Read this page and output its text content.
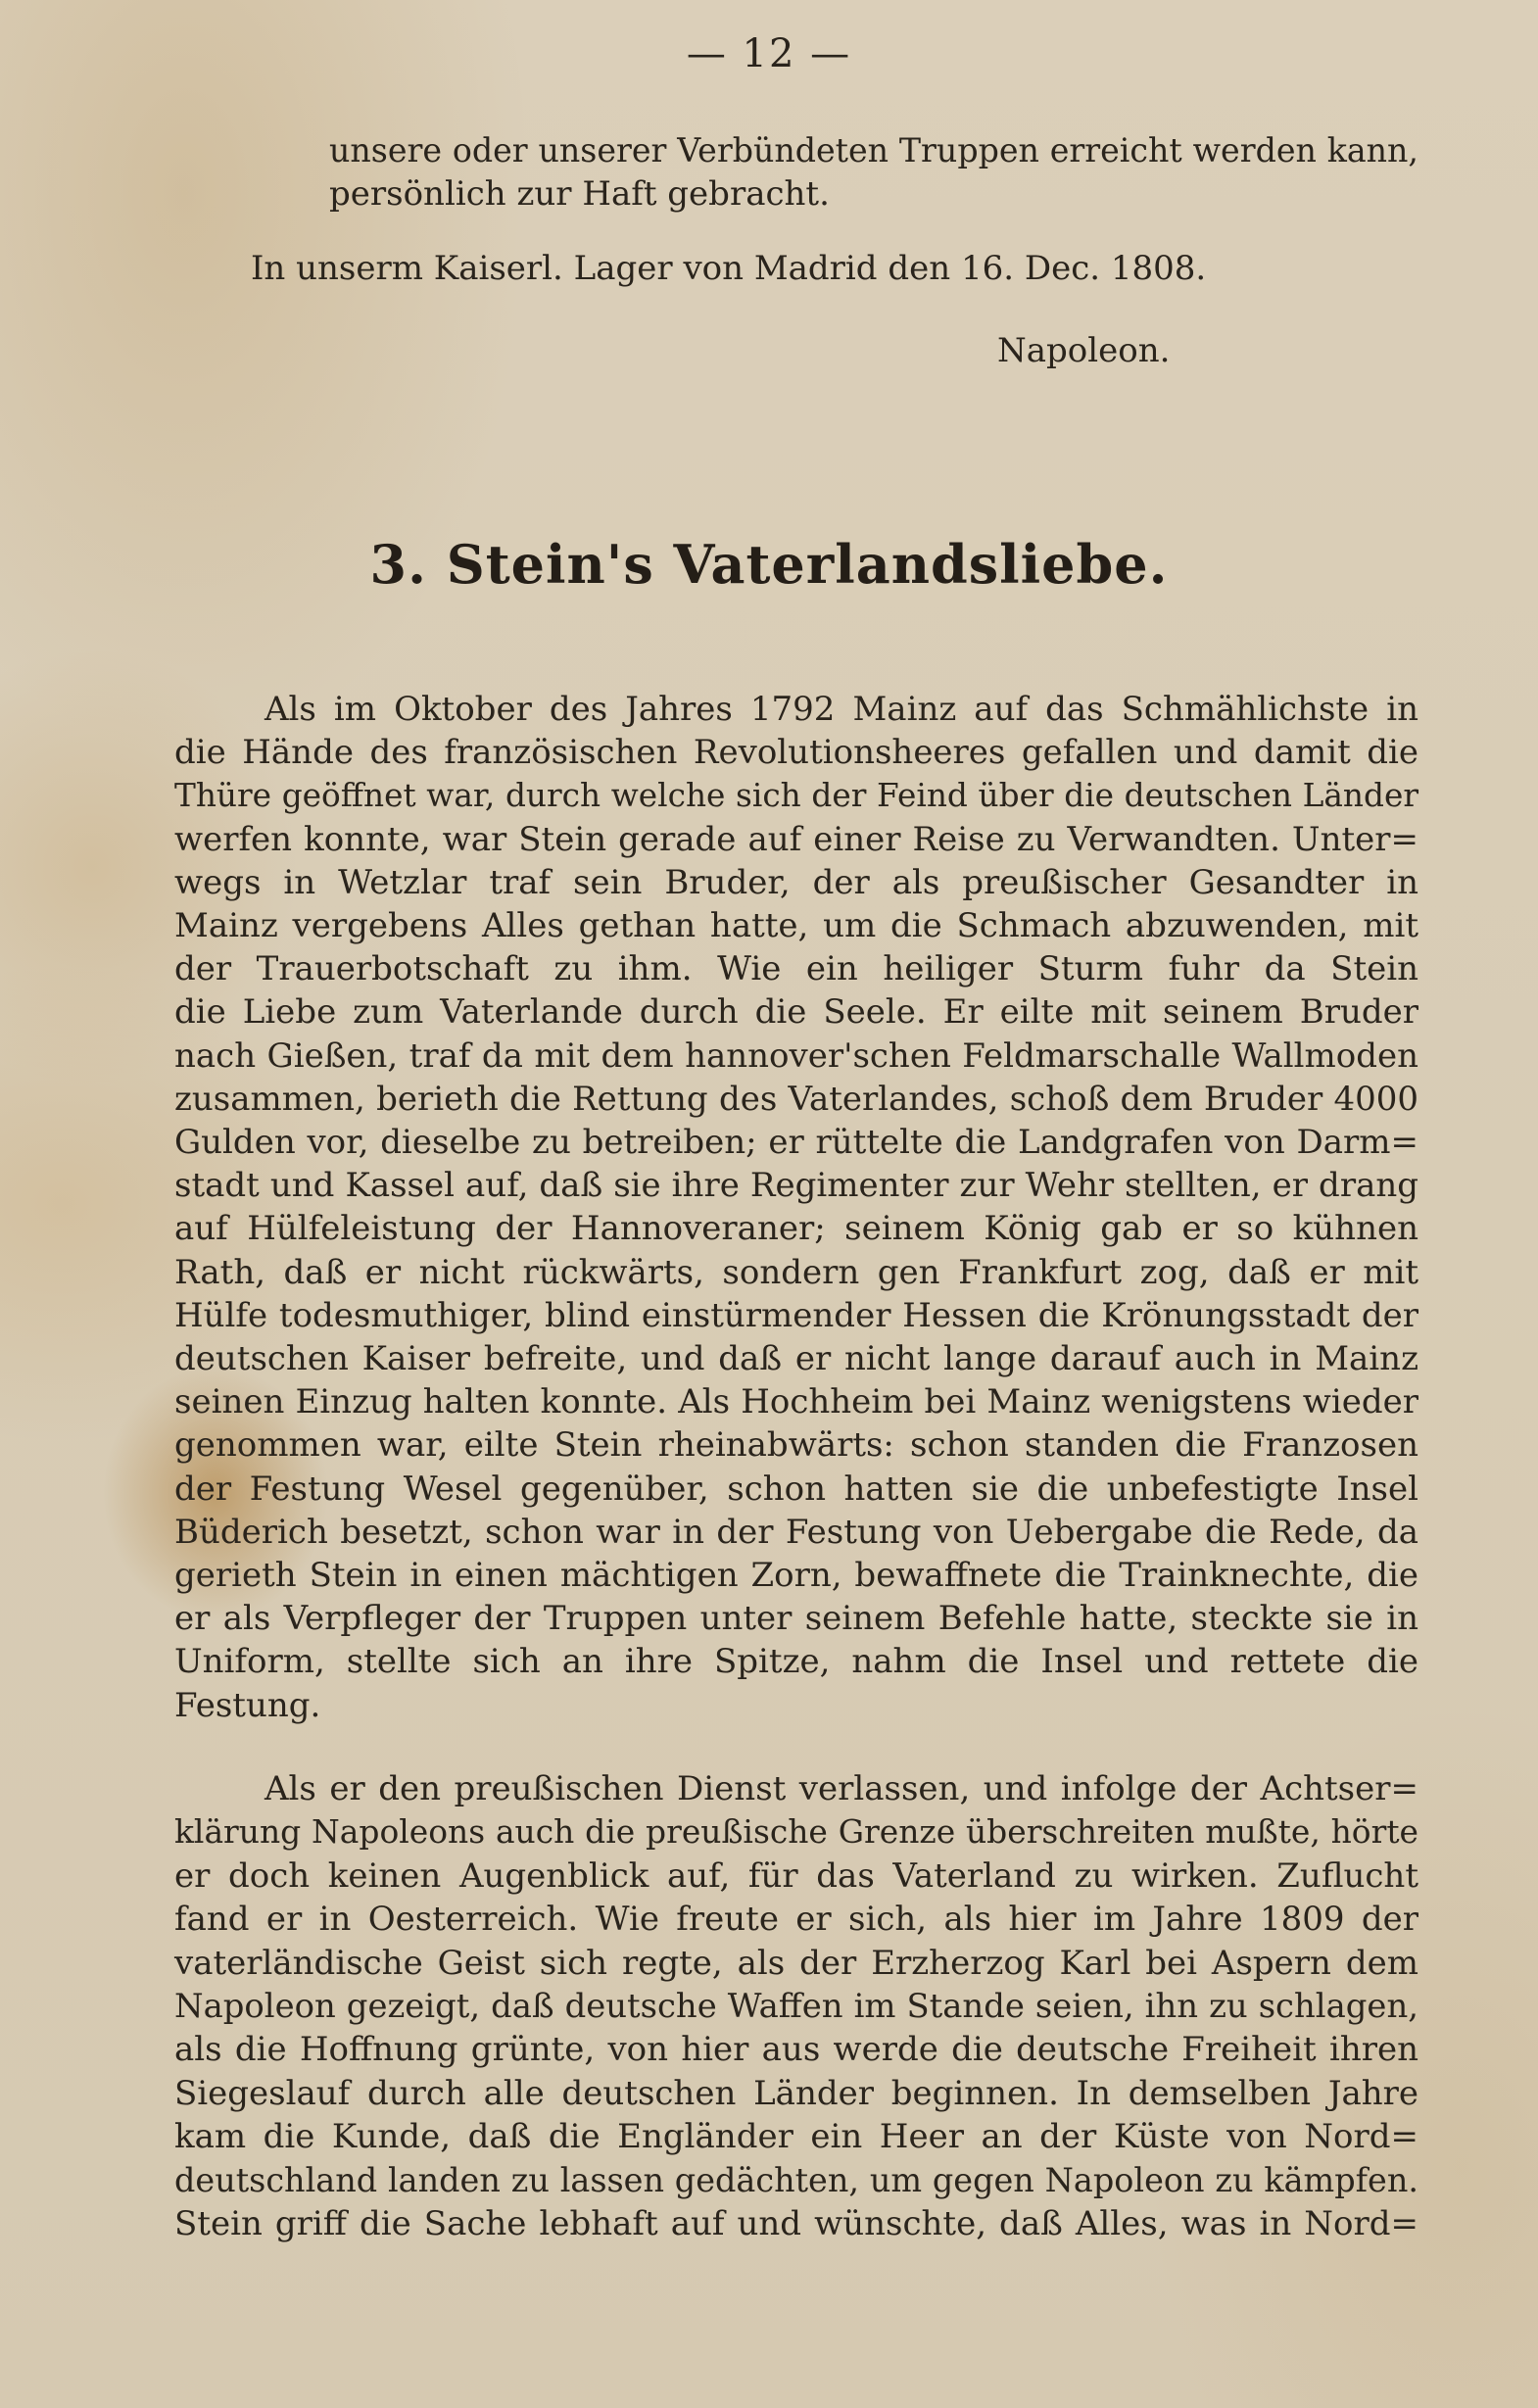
— 12 —
unsere oder unserer Verbündeten Truppen erreicht werden kann,
persönlich zur Haft gebracht.
In unserm Kaiserl. Lager von Madrid den 16. Dec. 1808.
Napoleon.
3. Stein's Vaterlandsliebe.
Als im Oktober des Jahres 1792 Mainz auf das Schmählichste in
die Hände des französischen Revolutionsheeres gefallen und damit die
Thüre geöffnet war, durch welche sich der Feind über die deutschen Länder
werfen konnte, war Stein gerade auf einer Reise zu Verwandten. Unter=
wegs in Wetzlar traf sein Bruder, der als preußischer Gesandter in
Mainz vergebens Alles gethan hatte, um die Schmach abzuwenden, mit
der Trauerbotschaft zu ihm. Wie ein heiliger Sturm fuhr da Stein
die Liebe zum Vaterlande durch die Seele. Er eilte mit seinem Bruder
nach Gießen, traf da mit dem hannover'schen Feldmarschalle Wallmoden
zusammen, berieth die Rettung des Vaterlandes, schoß dem Bruder 4000
Gulden vor, dieselbe zu betreiben; er rüttelte die Landgrafen von Darm=
stadt und Kassel auf, daß sie ihre Regimenter zur Wehr stellten, er drang
auf Hülfeleistung der Hannoveraner; seinem König gab er so kühnen
Rath, daß er nicht rückwärts, sondern gen Frankfurt zog, daß er mit
Hülfe todesmuthiger, blind einstürmender Hessen die Krönungsstadt der
deutschen Kaiser befreite, und daß er nicht lange darauf auch in Mainz
seinen Einzug halten konnte. Als Hochheim bei Mainz wenigstens wieder
genommen war, eilte Stein rheinabwärts: schon standen die Franzosen
der Festung Wesel gegenüber, schon hatten sie die unbefestigte Insel
Büderich besetzt, schon war in der Festung von Uebergabe die Rede, da
gerieth Stein in einen mächtigen Zorn, bewaffnete die Trainknechte, die
er als Verpfleger der Truppen unter seinem Befehle hatte, steckte sie in
Uniform, stellte sich an ihre Spitze, nahm die Insel und rettete die
Festung.
Als er den preußischen Dienst verlassen, und infolge der Achtser=
klärung Napoleons auch die preußische Grenze überschreiten mußte, hörte
er doch keinen Augenblick auf, für das Vaterland zu wirken. Zuflucht
fand er in Oesterreich. Wie freute er sich, als hier im Jahre 1809 der
vaterländische Geist sich regte, als der Erzherzog Karl bei Aspern dem
Napoleon gezeigt, daß deutsche Waffen im Stande seien, ihn zu schlagen,
als die Hoffnung grünte, von hier aus werde die deutsche Freiheit ihren
Siegeslauf durch alle deutschen Länder beginnen. In demselben Jahre
kam die Kunde, daß die Engländer ein Heer an der Küste von Nord=
deutschland landen zu lassen gedächten, um gegen Napoleon zu kämpfen.
Stein griff die Sache lebhaft auf und wünschte, daß Alles, was in Nord=
